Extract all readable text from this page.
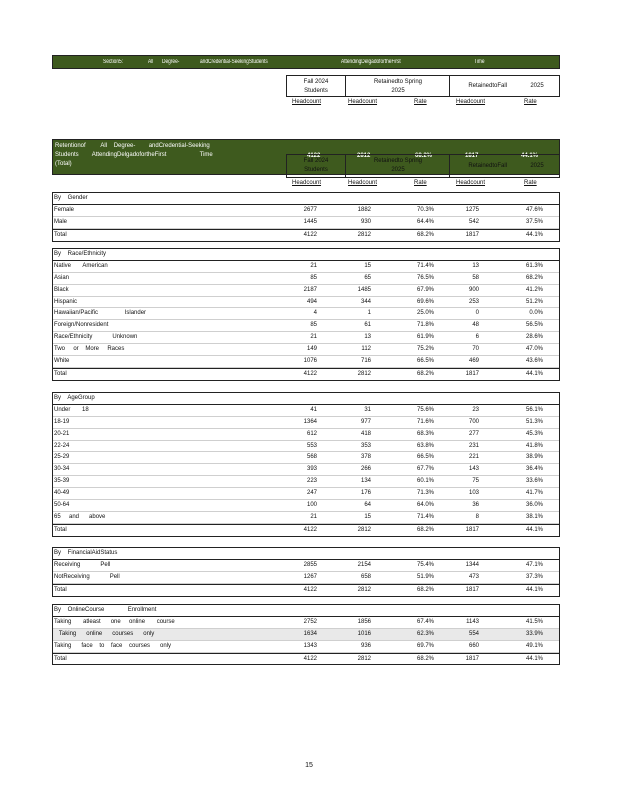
Section5:	All Degree-	andCredential-SeekingStudents	AttendingDelgadofortheFirst	Time
Fall 2024
Students
Retainedto Spring
2025
RetainedtoFall              2025
Headcount	Headcount	Rate	Headcount	Rate
Retentionof         All    Degree-        andCredential-Seeking
Students        AttendingDelgadofortheFirst                    Time
(Total)
4122	2812	68.2%	1817	44.1%
Fall 2024
Students
Retainedto Spring
2025
RetainedtoFall              2025
Headcount	Headcount	Rate	Headcount	Rate
By    Gender
Female	2677	1882	70.3%	1275	47.6%
Male	1445	930	64.4%	542	37.5%
Total	4122	2812	68.2%	1817	44.1%
By    Race/Ethnicity
Native       American	21	15	71.4%	13	61.3%
Asian	85	65	76.5%	58	68.2%
Black	2187	1485	67.9%	900	41.2%
Hispanic	494	344	69.6%	253	51.2%
Hawaiian/Pacific                Islander	4	1	25.0%	0	0.0%
Foreign/Nonresident	85	61	71.8%	48	56.5%
Race/Ethnicity            Unknown	21	13	61.9%	6	28.6%
Two     or    More     Races	149	112	75.2%	70	47.0%
White	1076	716	66.5%	469	43.6%
Total	4122	2812	68.2%	1817	44.1%
By    AgeGroup
Under       18	41	31	75.6%	23	56.1%
18-19	1364	977	71.6%	700	51.3%
20-21	612	418	68.3%	277	45.3%
22-24	553	353	63.8%	231	41.8%
25-29	568	378	66.5%	221	38.9%
30-34	393	266	67.7%	143	36.4%
35-39	223	134	60.1%	75	33.6%
40-49	247	176	71.3%	103	41.7%
50-64	100	64	64.0%	36	36.0%
65     and      above	21	15	71.4%	8	38.1%
Total	4122	2812	68.2%	1817	44.1%
By    FinancialAidStatus
Receiving            Pell	2855	2154	75.4%	1344	47.1%
NotReceiving            Pell	1267	658	51.9%	473	37.3%
Total	4122	2812	68.2%	1817	44.1%
By    OnlineCourse              Enrollment
Taking       atleast      one     online       course	2752	1856	67.4%	1143	41.5%
Taking      online      courses      only	1634	1016	62.3%	554	33.9%
Taking      face    to    face    courses      only	1343	936	69.7%	660	49.1%
Total	4122	2812	68.2%	1817	44.1%
15
